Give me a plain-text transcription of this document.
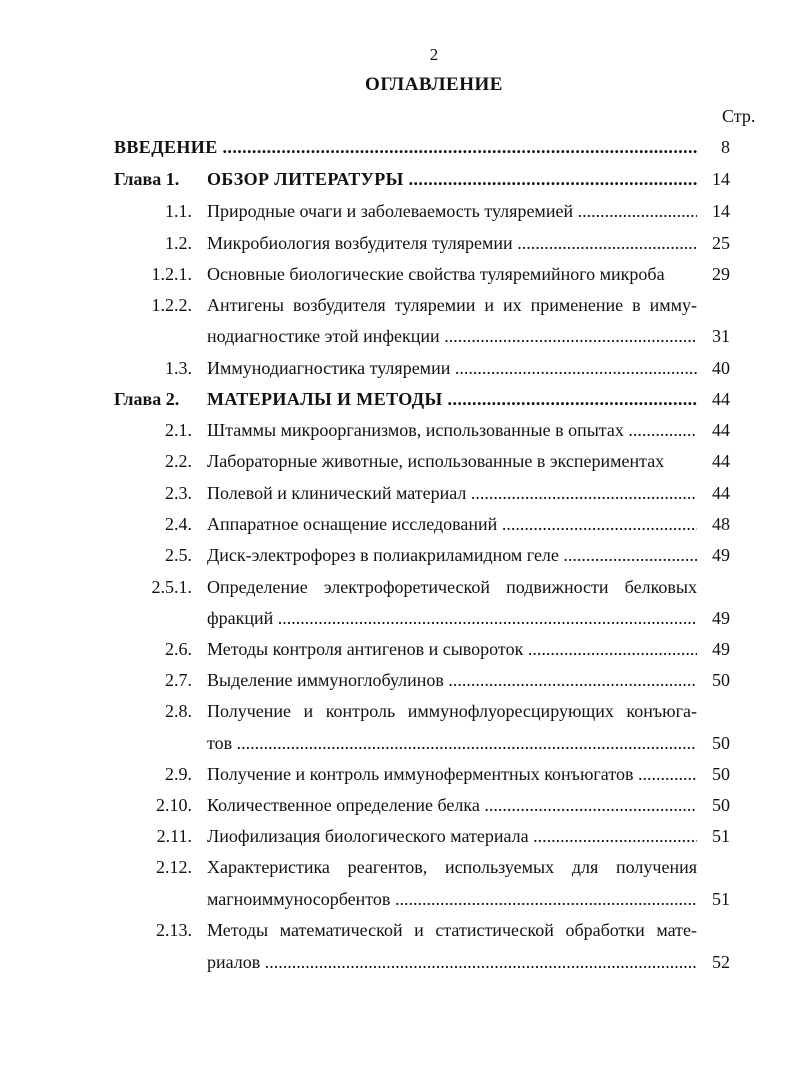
2
ОГЛАВЛЕНИЕ
Стр.
ВВЕДЕНИЕ .....	8
Глава 1.	ОБЗОР ЛИТЕРАТУРЫ .....	14
1.1. Природные очаги и заболеваемость туляремией .....	14
1.2. Микробиология возбудителя туляремии .....	25
1.2.1. Основные биологические свойства туляремийного микроба	29
1.2.2. Антигены возбудителя туляремии и их применение в имму-
нодиагностике этой инфекции .....	31
1.3. Иммунодиагностика туляремии .....	40
Глава 2.	МАТЕРИАЛЫ И МЕТОДЫ .....	44
2.1. Штаммы микроорганизмов, использованные в опытах .....	44
2.2. Лабораторные животные, использованные в экспериментах	44
2.3. Полевой и клинический материал .....	44
2.4. Аппаратное оснащение исследований .....	48
2.5. Диск-электрофорез в полиакриламидном геле .....	49
2.5.1. Определение электрофоретической подвижности белковых
фракций .....	49
2.6. Методы контроля антигенов и сывороток .....	49
2.7. Выделение иммуноглобулинов .....	50
2.8. Получение и контроль иммунофлуоресцирующих конъюга-
тов .....	50
2.9. Получение и контроль иммуноферментных конъюгатов .....	50
2.10. Количественное определение белка .....	50
2.11. Лиофилизация биологического материала .....	51
2.12. Характеристика реагентов, используемых для получения
магноиммуносорбентов .....	51
2.13. Методы математической и статистической обработки мате-
риалов .....	52
